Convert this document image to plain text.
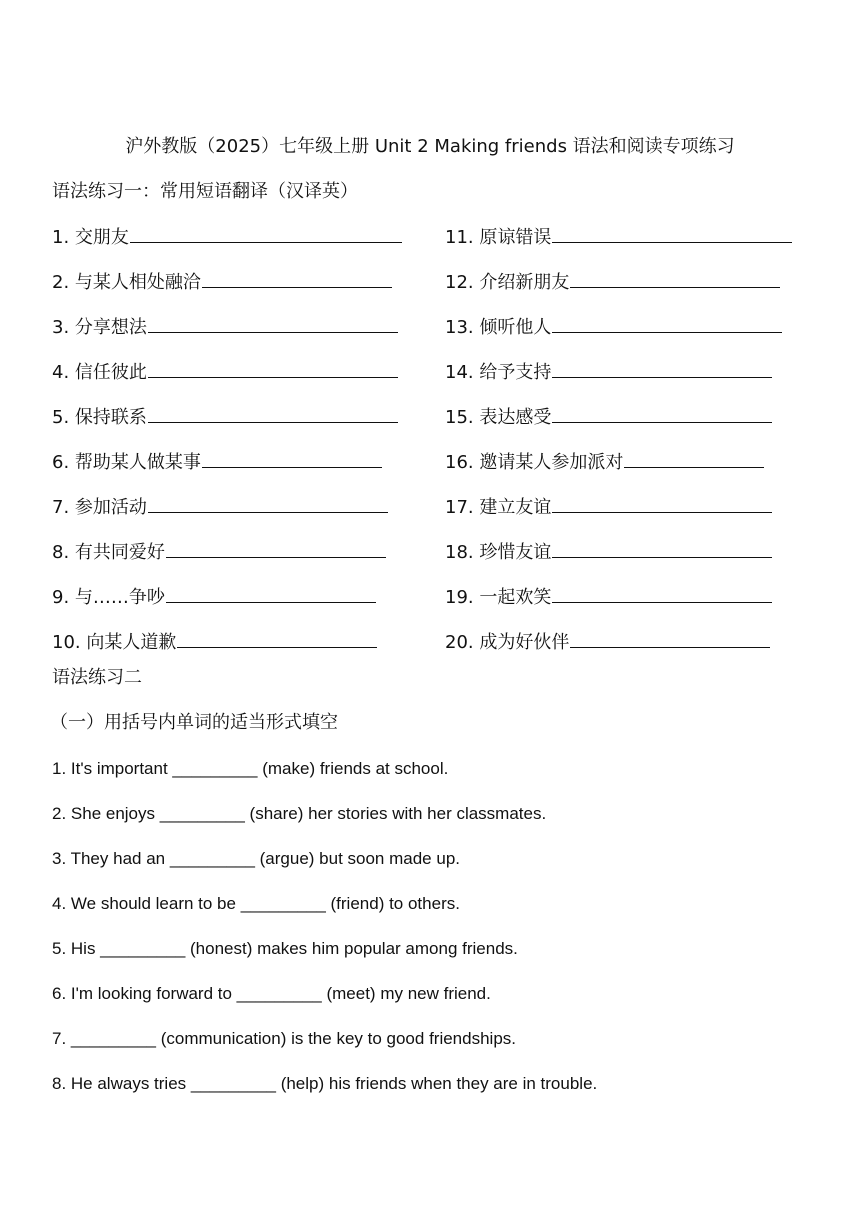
沪外教版（2025）七年级上册 Unit 2 Making friends 语法和阅读专项练习
语法练习一：常用短语翻译（汉译英）
1. 交朋友
2. 与某人相处融洽
3. 分享想法
4. 信任彼此
5. 保持联系
6. 帮助某人做某事
7. 参加活动
8. 有共同爱好
9. 与……争吵
10. 向某人道歉
11. 原谅错误
12. 介绍新朋友
13. 倾听他人
14. 给予支持
15. 表达感受
16. 邀请某人参加派对
17. 建立友谊
18. 珍惜友谊
19. 一起欢笑
20. 成为好伙伴
语法练习二
（一）用括号内单词的适当形式填空
1. It's important _________ (make) friends at school.
2. She enjoys _________ (share) her stories with her classmates.
3. They had an _________ (argue) but soon made up.
4. We should learn to be _________ (friend) to others.
5. His _________ (honest) makes him popular among friends.
6. I'm looking forward to _________ (meet) my new friend.
7. _________ (communication) is the key to good friendships.
8. He always tries _________ (help) his friends when they are in trouble.
